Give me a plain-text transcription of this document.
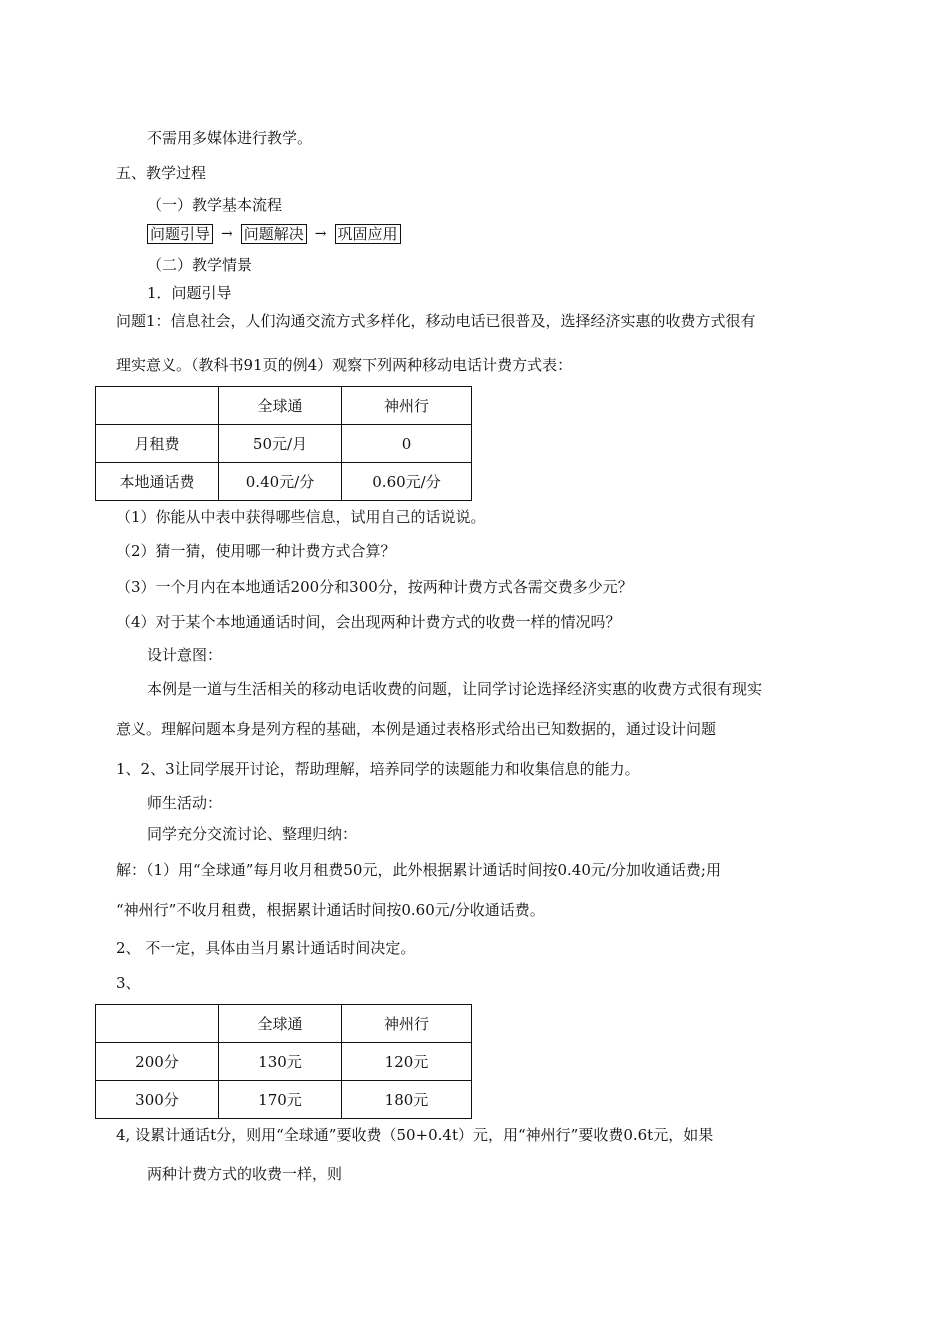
不需用多媒体进行教学。
五、教学过程
（一）教学基本流程
问题引导 → 问题解决 → 巩固应用
（二）教学情景
1．问题引导
问题1：信息社会，人们沟通交流方式多样化，移动电话已很普及，选择经济实惠的收费方式很有
理实意义。（教科书91页的例4）观察下列两种移动电话计费方式表：
	全球通	神州行
月租费	50元/月	0
本地通话费	0.40元/分	0.60元/分
（1）你能从中表中获得哪些信息，试用自己的话说说。
（2）猜一猜，使用哪一种计费方式合算？
（3）一个月内在本地通话200分和300分，按两种计费方式各需交费多少元？
（4）对于某个本地通通话时间，会出现两种计费方式的收费一样的情况吗？
设计意图：
本例是一道与生活相关的移动电话收费的问题，让同学讨论选择经济实惠的收费方式很有现实
意义。理解问题本身是列方程的基础，本例是通过表格形式给出已知数据的，通过设计问题
1、2、3让同学展开讨论，帮助理解，培养同学的读题能力和收集信息的能力。
师生活动：
同学充分交流讨论、整理归纳：
解：（1）用“全球通”每月收月租费50元，此外根据累计通话时间按0.40元/分加收通话费;用
“神州行”不收月租费，根据累计通话时间按0.60元/分收通话费。
2、 不一定，具体由当月累计通话时间决定。
3、
	全球通	神州行
200分	130元	120元
300分	170元	180元
4, 设累计通话t分，则用“全球通”要收费（50+0.4t）元，用“神州行”要收费0.6t元，如果
两种计费方式的收费一样，则
